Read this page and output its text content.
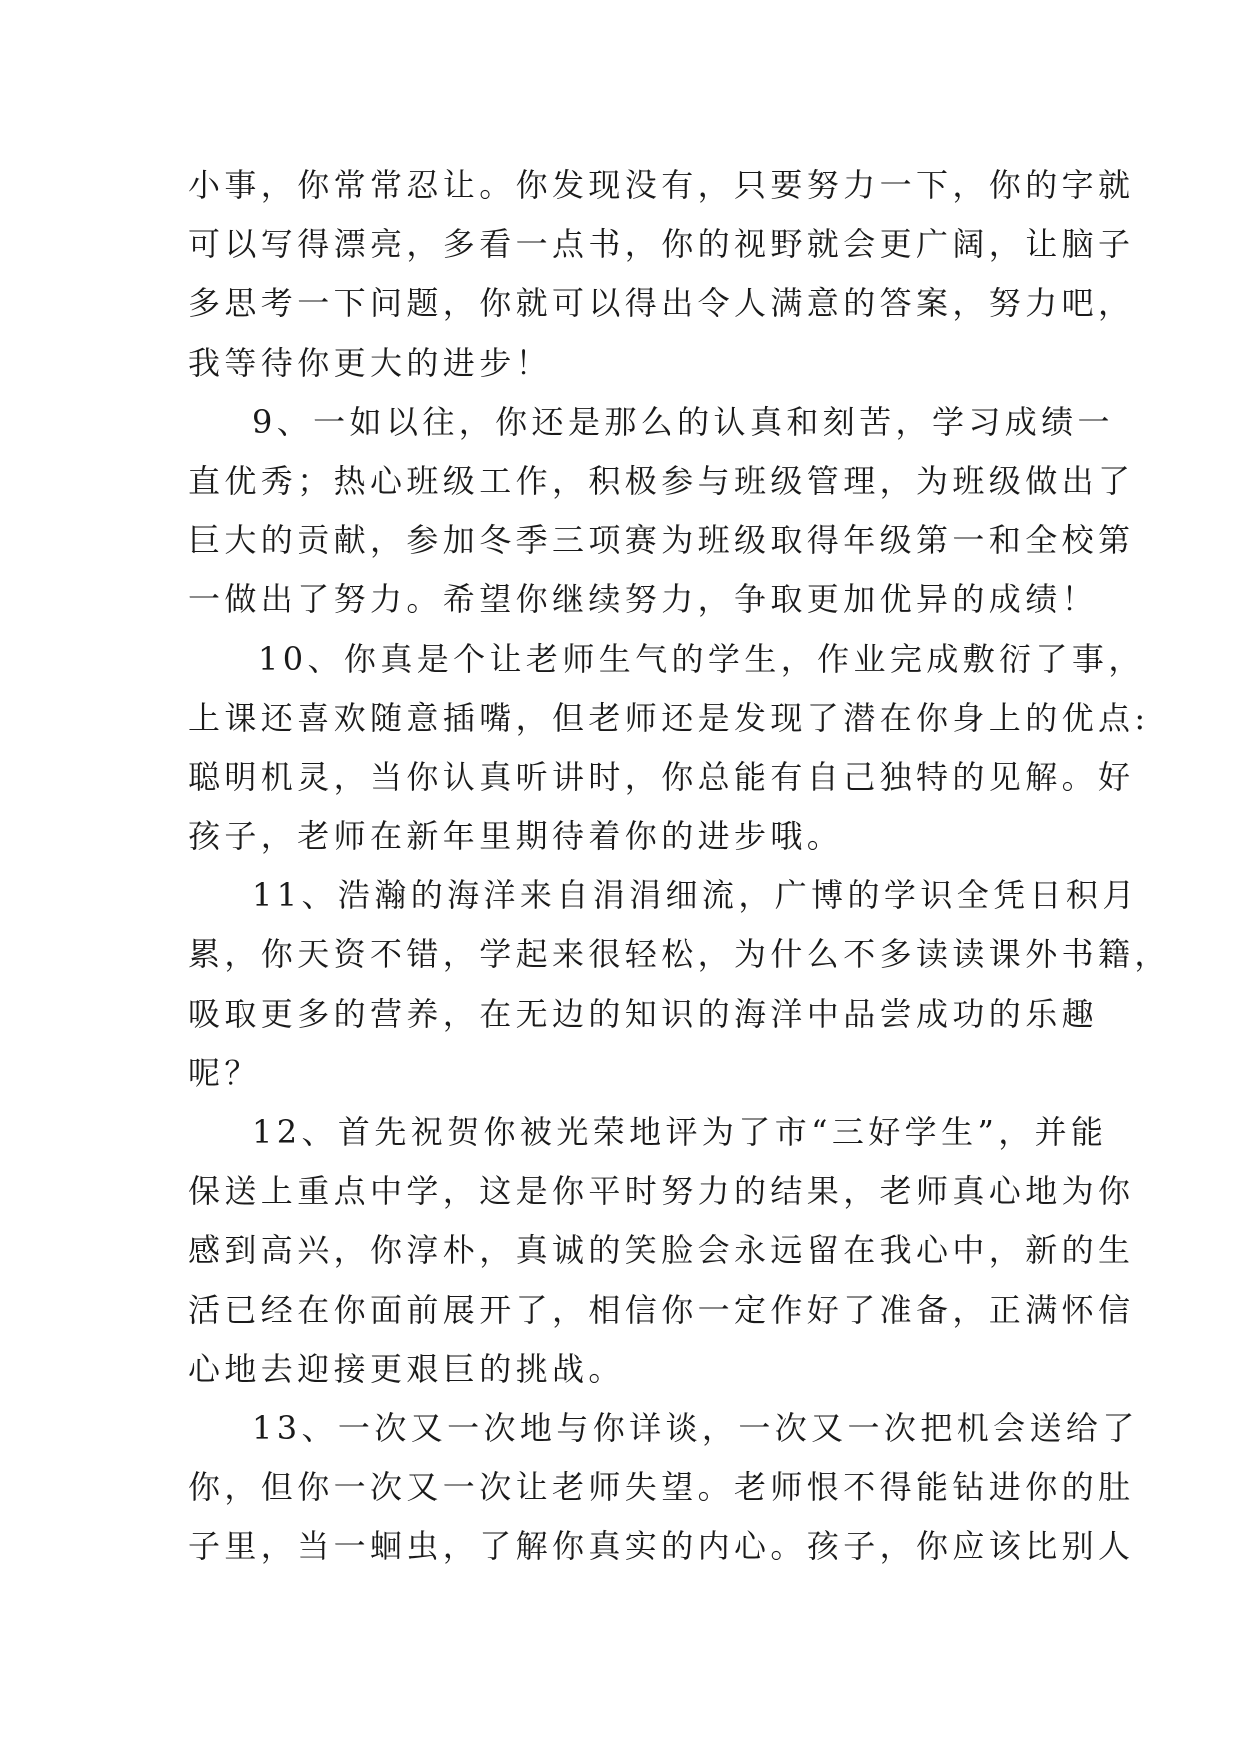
小事，你常常忍让。你发现没有，只要努力一下，你的字就
可以写得漂亮，多看一点书，你的视野就会更广阔，让脑子
多思考一下问题，你就可以得出令人满意的答案，努力吧，
我等待你更大的进步！
9、一如以往，你还是那么的认真和刻苦，学习成绩一
直优秀；热心班级工作，积极参与班级管理，为班级做出了
巨大的贡献，参加冬季三项赛为班级取得年级第一和全校第
一做出了努力。希望你继续努力，争取更加优异的成绩！
10、你真是个让老师生气的学生，作业完成敷衍了事，
上课还喜欢随意插嘴，但老师还是发现了潜在你身上的优点:
聪明机灵，当你认真听讲时，你总能有自己独特的见解。好
孩子，老师在新年里期待着你的进步哦。
11、浩瀚的海洋来自涓涓细流，广博的学识全凭日积月
累，你天资不错，学起来很轻松，为什么不多读读课外书籍，
吸取更多的营养，在无边的知识的海洋中品尝成功的乐趣
呢？
12、首先祝贺你被光荣地评为了市“三好学生”，并能
保送上重点中学，这是你平时努力的结果，老师真心地为你
感到高兴，你淳朴，真诚的笑脸会永远留在我心中，新的生
活已经在你面前展开了，相信你一定作好了准备，正满怀信
心地去迎接更艰巨的挑战。
13、一次又一次地与你详谈，一次又一次把机会送给了
你，但你一次又一次让老师失望。老师恨不得能钻进你的肚
子里，当一蛔虫，了解你真实的内心。孩子，你应该比别人
